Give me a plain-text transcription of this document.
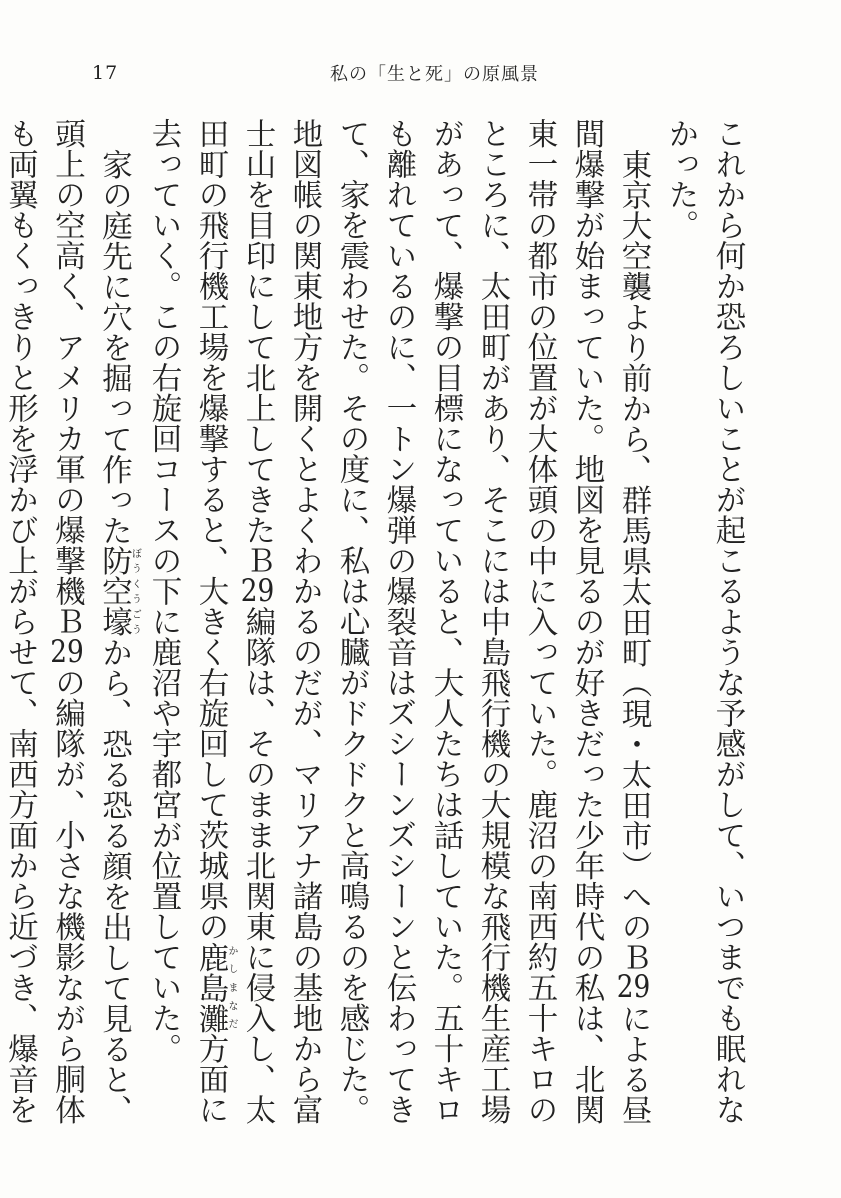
17	私の「生と死」の原風景

これから何か恐ろしいことが起こるような予感がして、いつまでも眠れなかった。

東京大空襲より前から、群馬県太田町（現・太田市）へのＢ29による昼間爆撃が始まっていた。地図を見るのが好きだった少年時代の私は、北関東一帯の都市の位置が大体頭の中に入っていた。鹿沼の南西約五十キロのところに、太田町があり、そこには中島飛行機の大規模な飛行機生産工場があって、爆撃の目標になっていると、大人たちは話していた。五十キロも離れているのに、一トン爆弾の爆裂音はズシーンズシーンと伝わってきて、家を震わせた。その度に、私は心臓がドクドクと高鳴るのを感じた。地図帳の関東地方を開くとよくわかるのだが、マリアナ諸島の基地から富士山を目印にして北上してきたＢ29編隊は、そのまま北関東に侵入し、太田町の飛行機工場を爆撃すると、大きく右旋回して茨城県の鹿島灘かしまなだ方面に去っていく。この右旋回コースの下に鹿沼や宇都宮が位置していた。

家の庭先に穴を掘って作った防空壕ぼうくうごうから、恐る恐る顔を出して見ると、頭上の空高く、アメリカ軍の爆撃機Ｂ29の編隊が、小さな機影ながら胴体も両翼もくっきりと形を浮かび上がらせて、南西方面から近づき、爆音を
